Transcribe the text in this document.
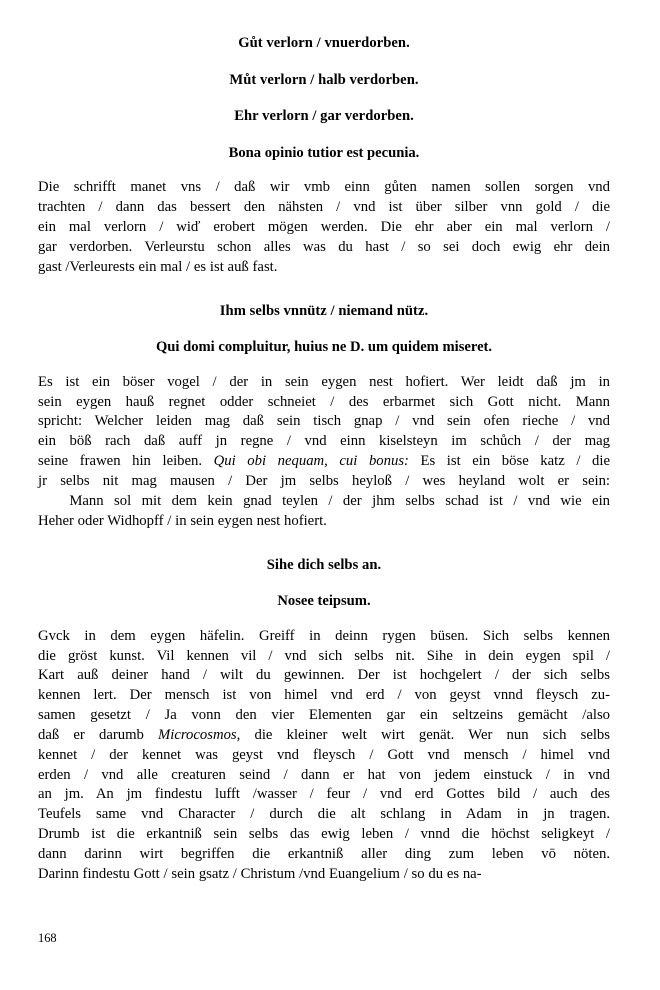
Gůt verlorn / vnuerdorben.

Můt verlorn / halb verdorben.

Ehr verlorn / gar verdorben.

Bona opinio tutior est pecunia.

Die schrifft manet vns / daß wir vmb einn gůten namen sollen sorgen vnd
trachten / dann das bessert den nähsten / vnd ist über silber vnn gold / die
ein mal verlorn / wiď erobert mögen werden. Die ehr aber ein mal verlorn /
gar verdorben. Verleurstu schon alles was du hast / so sei doch ewig ehr dein
gast /Verleurests ein mal / es ist auß fast.

Ihm selbs vnnütz / niemand nütz.

Qui domi compluitur, huius ne D. um quidem miseret.

Es ist ein böser vogel / der in sein eygen nest hofiert. Wer leidt daß jm in
sein eygen hauß regnet odder schneiet / des erbarmet sich Gott nicht. Mann
spricht: Welcher leiden mag daß sein tisch gnap / vnd sein ofen rieche / vnd
ein böß rach daß auff jn regne / vnd einn kiselsteyn im schůch / der mag
seine frawen hin leiben. Qui obi nequam, cui bonus: Es ist ein böse katz / die
jr selbs nit mag mausen / Der jm selbs heyloß / wes heyland wolt er sein:
Mann sol mit dem kein gnad teylen / der jhm selbs schad ist / vnd wie ein
Heher oder Widhopff / in sein eygen nest hofiert.

Sihe dich selbs an.

Nosee teipsum.

Gvck in dem eygen häfelin. Greiff in deinn rygen büsen. Sich selbs kennen
die gröst kunst. Vil kennen vil / vnd sich selbs nit. Sihe in dein eygen spil /
Kart auß deiner hand / wilt du gewinnen. Der ist hochgelert / der sich selbs
kennen lert. Der mensch ist von himel vnd erd / von geyst vnnd fleysch zu-
samen gesetzt / Ja vonn den vier Elementen gar ein seltzeins gemächt /also
daß er darumb Microcosmos, die kleiner welt wirt genät. Wer nun sich selbs
kennet / der kennet was geyst vnd fleysch / Gott vnd mensch / himel vnd
erden / vnd alle creaturen seind / dann er hat von jedem einstuck / in vnd
an jm. An jm findestu lufft /wasser / feur / vnd erd Gottes bild / auch des
Teufels same vnd Character / durch die alt schlang in Adam in jn tragen.
Drumb ist die erkantniß sein selbs das ewig leben / vnnd die höchst seligkeyt /
dann darinn wirt begriffen die erkantniß aller ding zum leben vō nöten.
Darinn findestu Gott / sein gsatz / Christum /vnd Euangelium / so du es na-
168
